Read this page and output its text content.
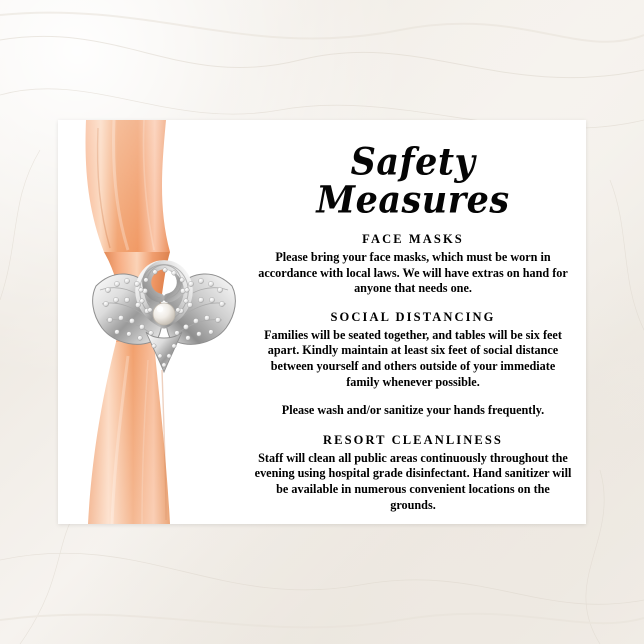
Safety Measures
FACE MASKS

Please bring your face masks, which must be worn in accordance with local laws. We will have extras on hand for anyone that needs one.

SOCIAL DISTANCING

Families will be seated together, and tables will be six feet apart. Kindly maintain at least six feet of social distance between yourself and others outside of your immediate family whenever possible.

Please wash and/or sanitize your hands frequently.

RESORT CLEANLINESS

Staff will clean all public areas continuously throughout the evening using hospital grade disinfectant. Hand sanitizer will be available in numerous convenient locations on the grounds.
